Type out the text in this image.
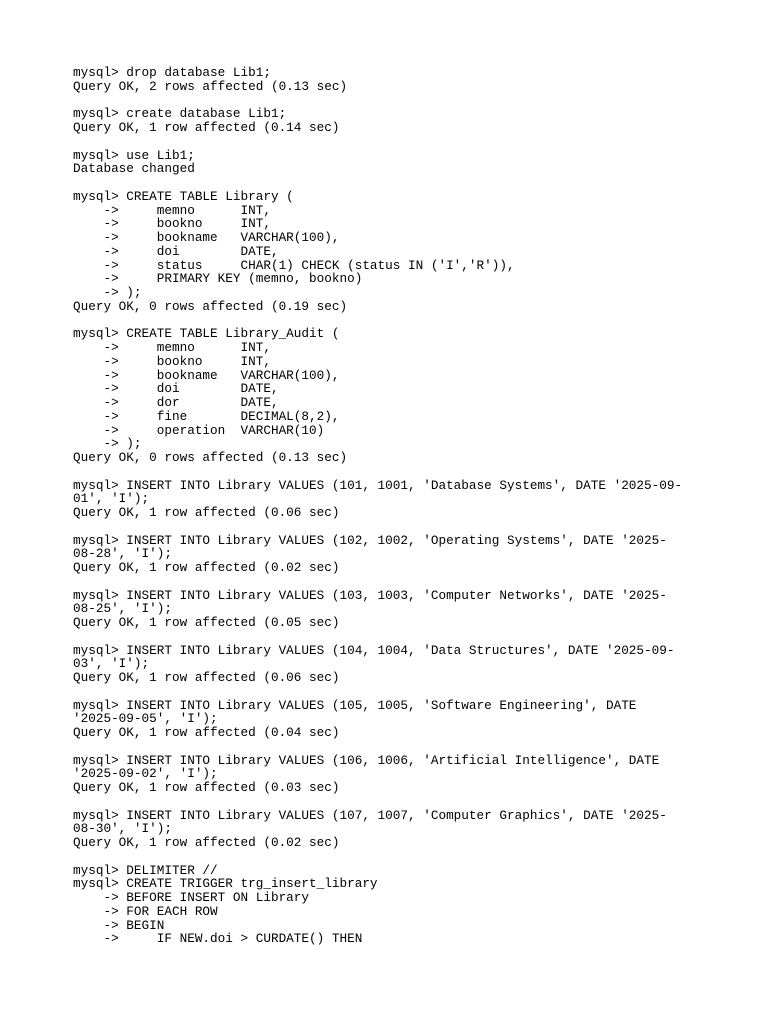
mysql> drop database Lib1;
Query OK, 2 rows affected (0.13 sec)
mysql> create database Lib1;
Query OK, 1 row affected (0.14 sec)
mysql> use Lib1;
Database changed
mysql> CREATE TABLE Library (
->     memno      INT,
->     bookno     INT,
->     bookname   VARCHAR(100),
->     doi        DATE,
->     status     CHAR(1) CHECK (status IN ('I','R')),
->     PRIMARY KEY (memno, bookno)
-> );
Query OK, 0 rows affected (0.19 sec)
mysql> CREATE TABLE Library_Audit (
->     memno      INT,
->     bookno     INT,
->     bookname   VARCHAR(100),
->     doi        DATE,
->     dor        DATE,
->     fine       DECIMAL(8,2),
->     operation  VARCHAR(10)
-> );
Query OK, 0 rows affected (0.13 sec)
mysql> INSERT INTO Library VALUES (101, 1001, 'Database Systems', DATE '2025-09-
01', 'I');
Query OK, 1 row affected (0.06 sec)
mysql> INSERT INTO Library VALUES (102, 1002, 'Operating Systems', DATE '2025-
08-28', 'I');
Query OK, 1 row affected (0.02 sec)
mysql> INSERT INTO Library VALUES (103, 1003, 'Computer Networks', DATE '2025-
08-25', 'I');
Query OK, 1 row affected (0.05 sec)
mysql> INSERT INTO Library VALUES (104, 1004, 'Data Structures', DATE '2025-09-
03', 'I');
Query OK, 1 row affected (0.06 sec)
mysql> INSERT INTO Library VALUES (105, 1005, 'Software Engineering', DATE
'2025-09-05', 'I');
Query OK, 1 row affected (0.04 sec)
mysql> INSERT INTO Library VALUES (106, 1006, 'Artificial Intelligence', DATE
'2025-09-02', 'I');
Query OK, 1 row affected (0.03 sec)
mysql> INSERT INTO Library VALUES (107, 1007, 'Computer Graphics', DATE '2025-
08-30', 'I');
Query OK, 1 row affected (0.02 sec)
mysql> DELIMITER //
mysql> CREATE TRIGGER trg_insert_library
-> BEFORE INSERT ON Library
-> FOR EACH ROW
-> BEGIN
->     IF NEW.doi > CURDATE() THEN
